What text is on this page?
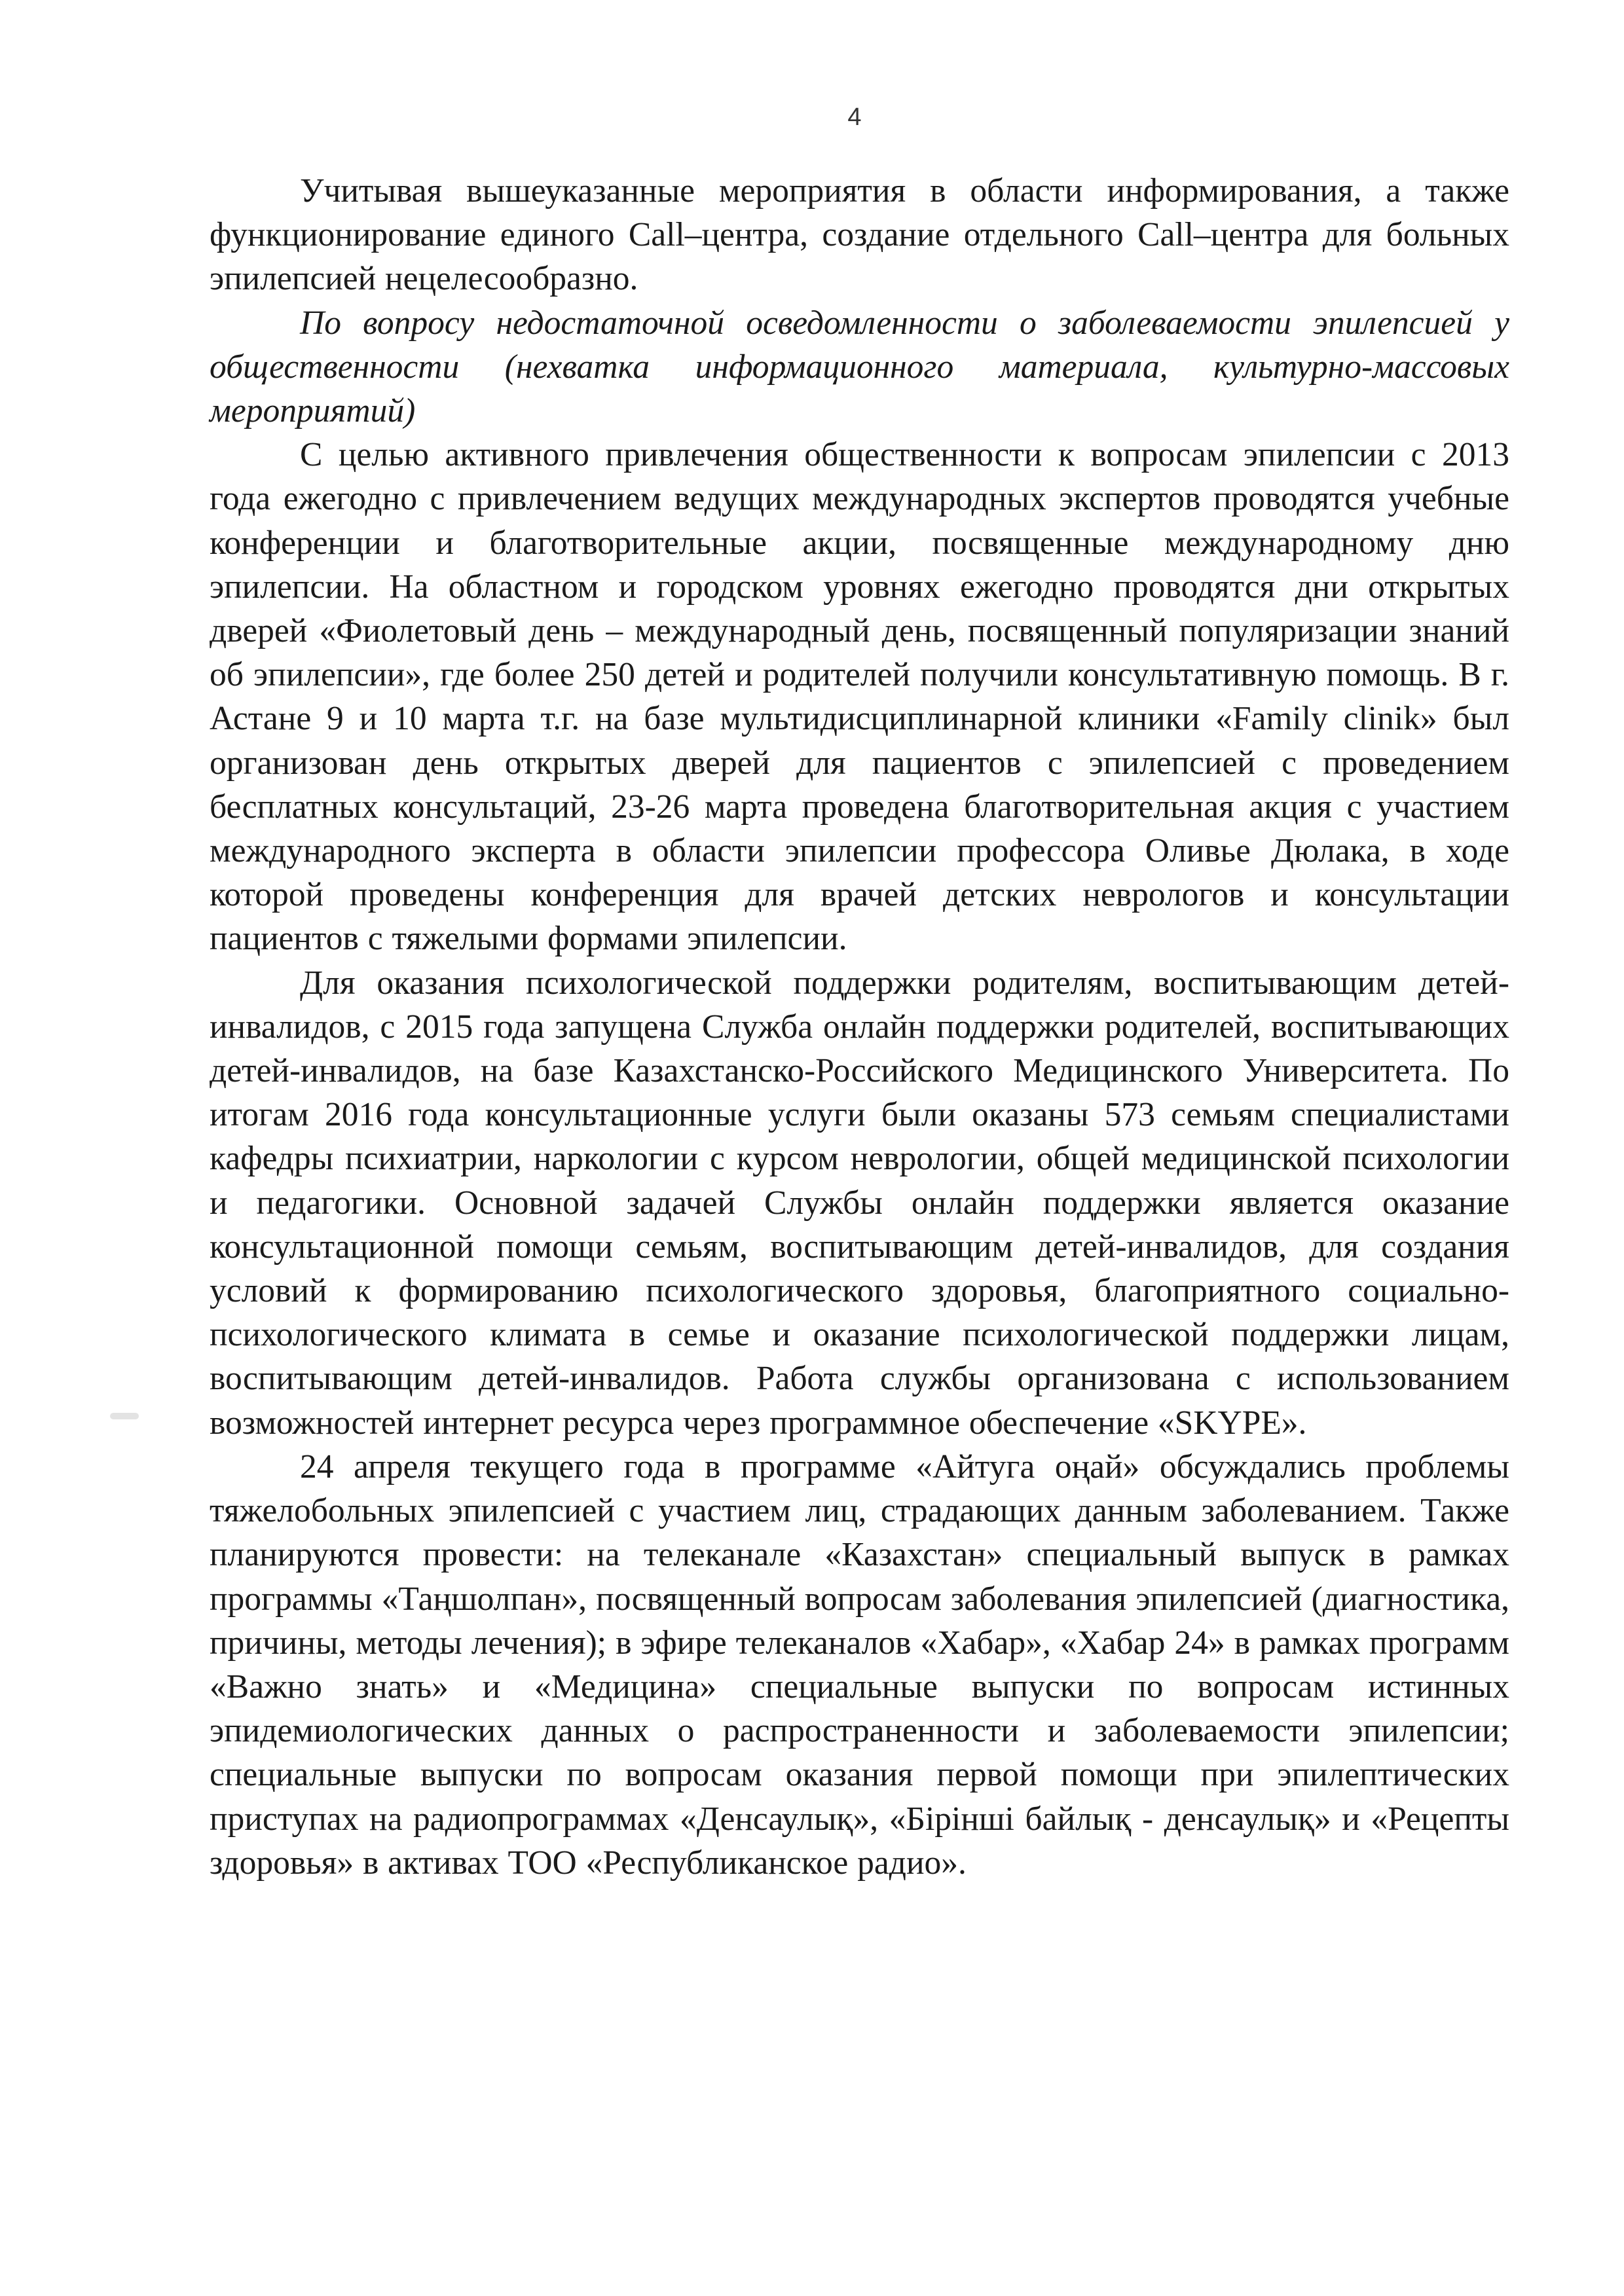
4

Учитывая вышеуказанные мероприятия в области информирования, а также функционирование единого Call–центра, создание отдельного Call–центра для больных эпилепсией нецелесообразно.

По вопросу недостаточной осведомленности о заболеваемости эпилепсией у общественности (нехватка информационного материала, культурно-массовых мероприятий)

С целью активного привлечения общественности к вопросам эпилепсии с 2013 года ежегодно с привлечением ведущих международных экспертов проводятся учебные конференции и благотворительные акции, посвященные международному дню эпилепсии. На областном и городском уровнях ежегодно проводятся дни открытых дверей «Фиолетовый день – международный день, посвященный популяризации знаний об эпилепсии», где более 250 детей и родителей получили консультативную помощь. В г. Астане 9 и 10 марта т.г. на базе мультидисциплинарной клиники «Family clinik» был организован день открытых дверей для пациентов с эпилепсией с проведением бесплатных консультаций, 23-26 марта проведена благотворительная акция с участием международного эксперта в области эпилепсии профессора Оливье Дюлака, в ходе которой проведены конференция для врачей детских неврологов и консультации пациентов с тяжелыми формами эпилепсии.

Для оказания психологической поддержки родителям, воспитывающим детей-инвалидов, с 2015 года запущена Служба онлайн поддержки родителей, воспитывающих детей-инвалидов, на базе Казахстанско-Российского Медицинского Университета. По итогам 2016 года консультационные услуги были оказаны 573 семьям специалистами кафедры психиатрии, наркологии с курсом неврологии, общей медицинской психологии и педагогики. Основной задачей Службы онлайн поддержки является оказание консультационной помощи семьям, воспитывающим детей-инвалидов, для создания условий к формированию психологического здоровья, благоприятного социально-психологического климата в семье и оказание психологической поддержки лицам, воспитывающим детей-инвалидов. Работа службы организована с использованием возможностей интернет ресурса через программное обеспечение «SKYPE».

24 апреля текущего года в программе «Айтуга оңай» обсуждались проблемы тяжелобольных эпилепсией с участием лиц, страдающих данным заболеванием. Также планируются провести: на телеканале «Казахстан» специальный выпуск в рамках программы «Таңшолпан», посвященный вопросам заболевания эпилепсией (диагностика, причины, методы лечения); в эфире телеканалов «Хабар», «Хабар 24» в рамках программ «Важно знать» и «Медицина» специальные выпуски по вопросам истинных эпидемиологических данных о распространенности и заболеваемости эпилепсии; специальные выпуски по вопросам оказания первой помощи при эпилептических приступах на радиопрограммах «Денсаулық», «Бірінші байлық - денсаулық» и «Рецепты здоровья» в активах ТОО «Республиканское радио».
